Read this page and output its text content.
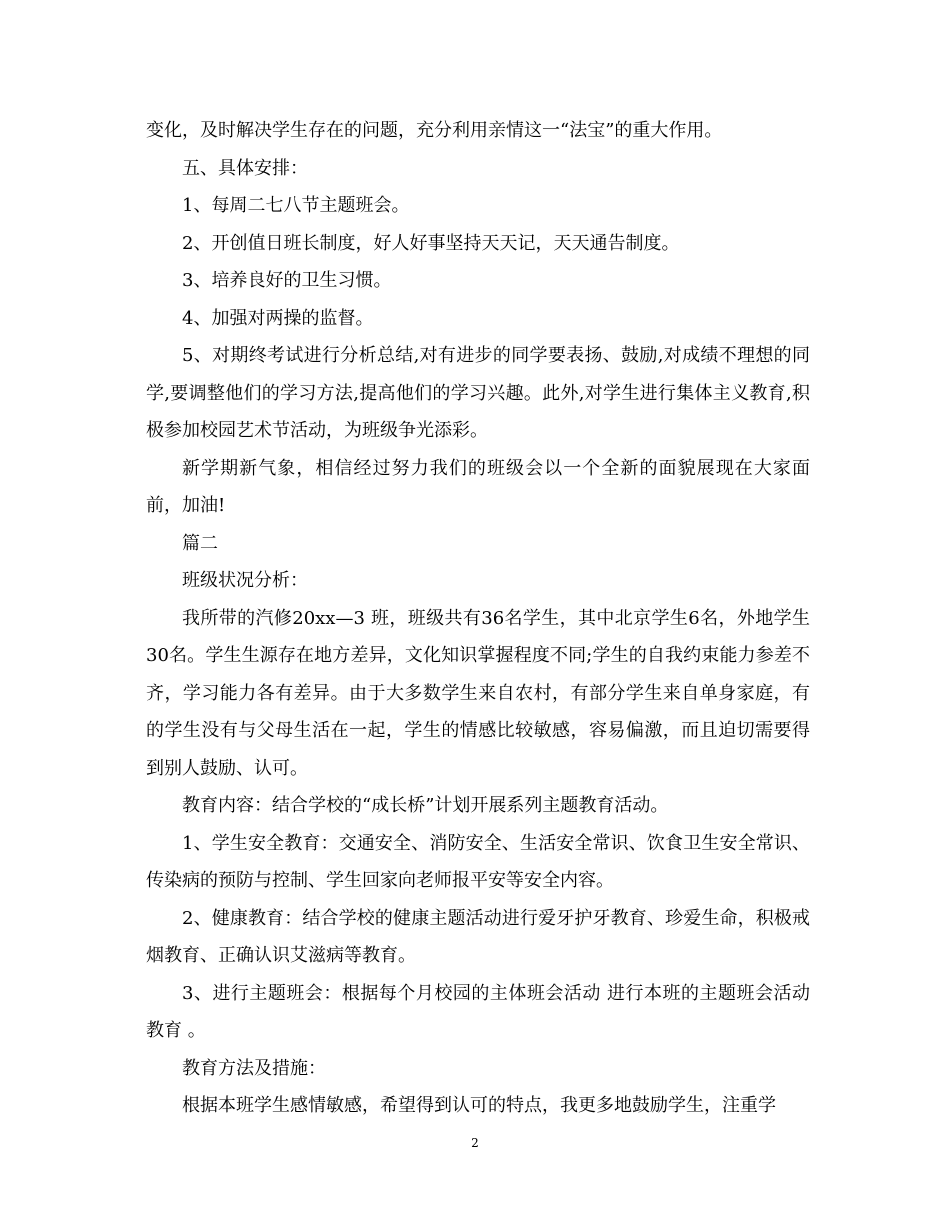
变化，及时解决学生存在的问题，充分利用亲情这一“法宝”的重大作用。

五、具体安排：

1、每周二七八节主题班会。

2、开创值日班长制度，好人好事坚持天天记，天天通告制度。

3、培养良好的卫生习惯。

4、加强对两操的监督。

5、对期终考试进行分析总结,对有进步的同学要表扬、鼓励,对成绩不理想的同学,要调整他们的学习方法,提高他们的学习兴趣。此外,对学生进行集体主义教育,积极参加校园艺术节活动，为班级争光添彩。

新学期新气象，相信经过努力我们的班级会以一个全新的面貌展现在大家面前，加油!

篇二

班级状况分析：

我所带的汽修20xx—3 班，班级共有36名学生，其中北京学生6名，外地学生30名。学生生源存在地方差异，文化知识掌握程度不同;学生的自我约束能力参差不齐，学习能力各有差异。由于大多数学生来自农村，有部分学生来自单身家庭，有的学生没有与父母生活在一起，学生的情感比较敏感，容易偏激，而且迫切需要得到别人鼓励、认可。

教育内容：结合学校的“成长桥”计划开展系列主题教育活动。

1、学生安全教育：交通安全、消防安全、生活安全常识、饮食卫生安全常识、传染病的预防与控制、学生回家向老师报平安等安全内容。

2、健康教育：结合学校的健康主题活动进行爱牙护牙教育、珍爱生命，积极戒烟教育、正确认识艾滋病等教育。

3、进行主题班会：根据每个月校园的主体班会活动 进行本班的主题班会活动教育 。

教育方法及措施：

根据本班学生感情敏感，希望得到认可的特点，我更多地鼓励学生，注重学

2
